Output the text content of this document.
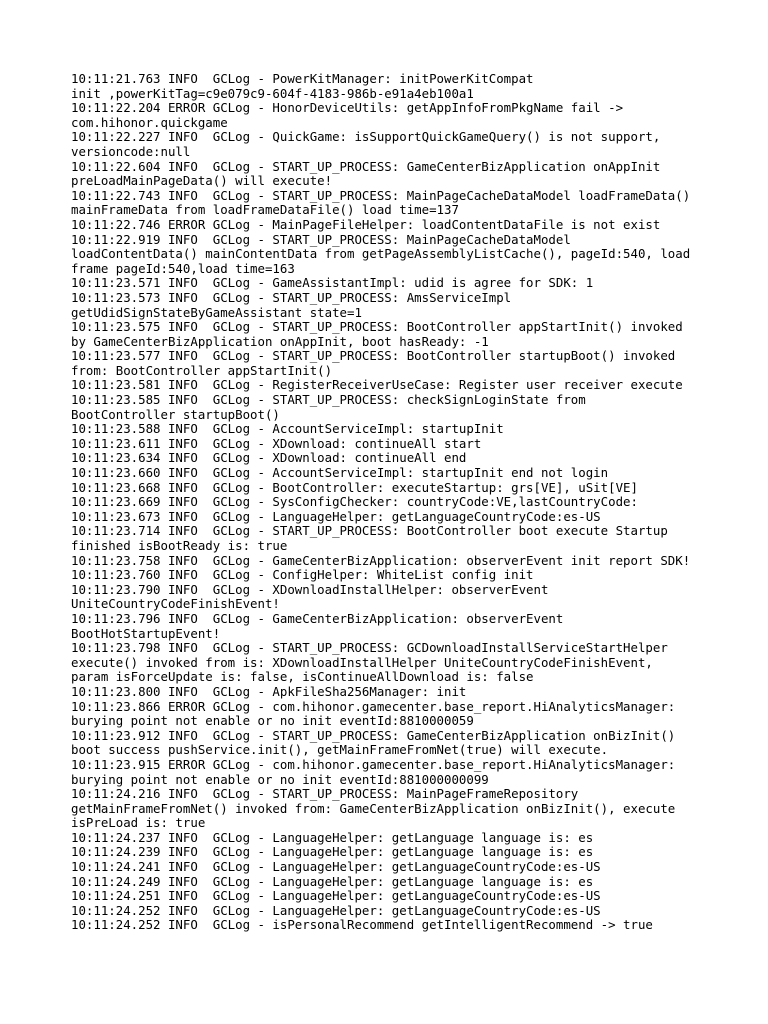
10:11:21.763 INFO  GCLog - PowerKitManager: initPowerKitCompat
init ,powerKitTag=c9e079c9-604f-4183-986b-e91a4eb100a1
10:11:22.204 ERROR GCLog - HonorDeviceUtils: getAppInfoFromPkgName fail ->
com.hihonor.quickgame
10:11:22.227 INFO  GCLog - QuickGame: isSupportQuickGameQuery() is not support,
versioncode:null
10:11:22.604 INFO  GCLog - START_UP_PROCESS: GameCenterBizApplication onAppInit
preLoadMainPageData() will execute!
10:11:22.743 INFO  GCLog - START_UP_PROCESS: MainPageCacheDataModel loadFrameData()
mainFrameData from loadFrameDataFile() load time=137
10:11:22.746 ERROR GCLog - MainPageFileHelper: loadContentDataFile is not exist
10:11:22.919 INFO  GCLog - START_UP_PROCESS: MainPageCacheDataModel
loadContentData() mainContentData from getPageAssemblyListCache(), pageId:540, load
frame pageId:540,load time=163
10:11:23.571 INFO  GCLog - GameAssistantImpl: udid is agree for SDK: 1
10:11:23.573 INFO  GCLog - START_UP_PROCESS: AmsServiceImpl
getUdidSignStateByGameAssistant state=1
10:11:23.575 INFO  GCLog - START_UP_PROCESS: BootController appStartInit() invoked
by GameCenterBizApplication onAppInit, boot hasReady: -1
10:11:23.577 INFO  GCLog - START_UP_PROCESS: BootController startupBoot() invoked
from: BootController appStartInit()
10:11:23.581 INFO  GCLog - RegisterReceiverUseCase: Register user receiver execute
10:11:23.585 INFO  GCLog - START_UP_PROCESS: checkSignLoginState from
BootController startupBoot()
10:11:23.588 INFO  GCLog - AccountServiceImpl: startupInit
10:11:23.611 INFO  GCLog - XDownload: continueAll start
10:11:23.634 INFO  GCLog - XDownload: continueAll end
10:11:23.660 INFO  GCLog - AccountServiceImpl: startupInit end not login
10:11:23.668 INFO  GCLog - BootController: executeStartup: grs[VE], uSit[VE]
10:11:23.669 INFO  GCLog - SysConfigChecker: countryCode:VE,lastCountryCode:
10:11:23.673 INFO  GCLog - LanguageHelper: getLanguageCountryCode:es-US
10:11:23.714 INFO  GCLog - START_UP_PROCESS: BootController boot execute Startup
finished isBootReady is: true
10:11:23.758 INFO  GCLog - GameCenterBizApplication: observerEvent init report SDK!
10:11:23.760 INFO  GCLog - ConfigHelper: WhiteList config init
10:11:23.790 INFO  GCLog - XDownloadInstallHelper: observerEvent
UniteCountryCodeFinishEvent!
10:11:23.796 INFO  GCLog - GameCenterBizApplication: observerEvent
BootHotStartupEvent!
10:11:23.798 INFO  GCLog - START_UP_PROCESS: GCDownloadInstallServiceStartHelper
execute() invoked from is: XDownloadInstallHelper UniteCountryCodeFinishEvent,
param isForceUpdate is: false, isContinueAllDownload is: false
10:11:23.800 INFO  GCLog - ApkFileSha256Manager: init
10:11:23.866 ERROR GCLog - com.hihonor.gamecenter.base_report.HiAnalyticsManager:
burying point not enable or no init eventId:8810000059
10:11:23.912 INFO  GCLog - START_UP_PROCESS: GameCenterBizApplication onBizInit()
boot success pushService.init(), getMainFrameFromNet(true) will execute.
10:11:23.915 ERROR GCLog - com.hihonor.gamecenter.base_report.HiAnalyticsManager:
burying point not enable or no init eventId:881000000099
10:11:24.216 INFO  GCLog - START_UP_PROCESS: MainPageFrameRepository
getMainFrameFromNet() invoked from: GameCenterBizApplication onBizInit(), execute
isPreLoad is: true
10:11:24.237 INFO  GCLog - LanguageHelper: getLanguage language is: es
10:11:24.239 INFO  GCLog - LanguageHelper: getLanguage language is: es
10:11:24.241 INFO  GCLog - LanguageHelper: getLanguageCountryCode:es-US
10:11:24.249 INFO  GCLog - LanguageHelper: getLanguage language is: es
10:11:24.251 INFO  GCLog - LanguageHelper: getLanguageCountryCode:es-US
10:11:24.252 INFO  GCLog - LanguageHelper: getLanguageCountryCode:es-US
10:11:24.252 INFO  GCLog - isPersonalRecommend getIntelligentRecommend -> true
